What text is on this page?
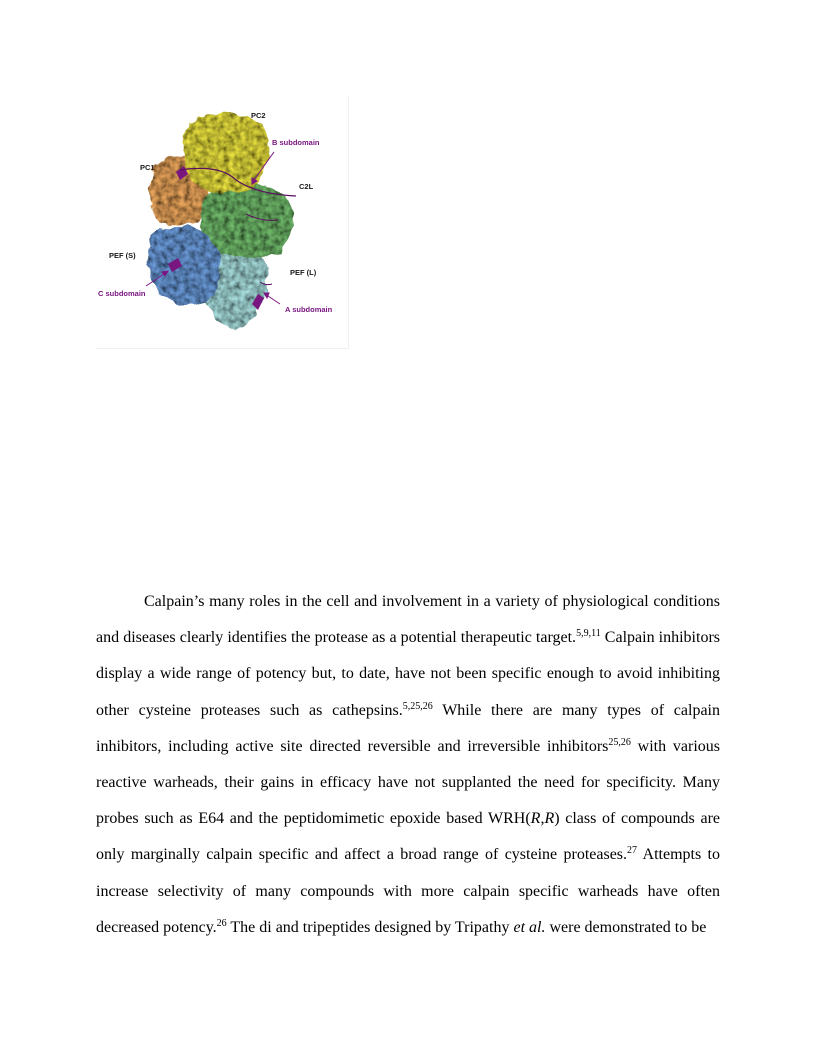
PC2
B subdomain
PC1
C2L
PEF (S)
PEF (L)
C subdomain
A subdomain

Calpain’s many roles in the cell and involvement in a variety of physiological conditions and diseases clearly identifies the protease as a potential therapeutic target.$^{5,9,11}$ Calpain inhibitors display a wide range of potency but, to date, have not been specific enough to avoid inhibiting other cysteine proteases such as cathepsins.$^{5,25,26}$ While there are many types of calpain inhibitors, including active site directed reversible and irreversible inhibitors$^{25,26}$ with various reactive warheads, their gains in efficacy have not supplanted the need for specificity. Many probes such as E64 and the peptidomimetic epoxide based WRH(R,R) class of compounds are only marginally calpain specific and affect a broad range of cysteine proteases.$^{27}$ Attempts to increase selectivity of many compounds with more calpain specific warheads have often decreased potency.$^{26}$ The di and tripeptides designed by Tripathy et al. were demonstrated to be
